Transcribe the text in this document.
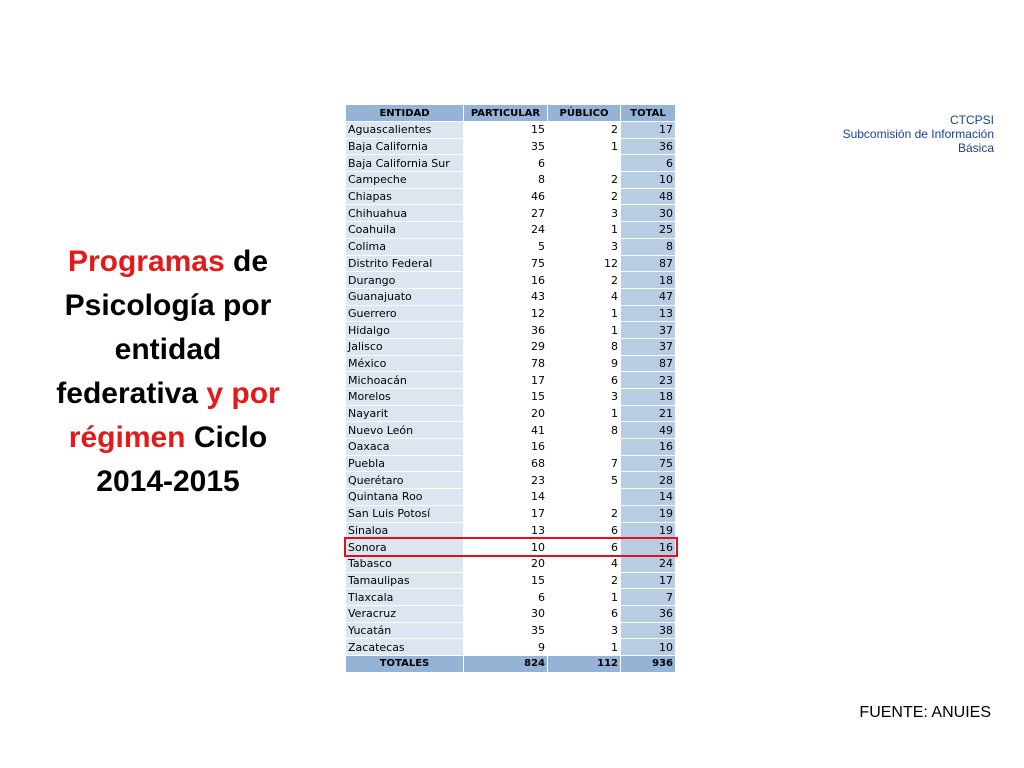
Programas de Psicología por entidad federativa y por régimen Ciclo 2014-2015
CTCPSI
Subcomisión de Información
Básica
ENTIDAD	PARTICULAR	PÚBLICO	TOTAL
Aguascalientes	15	2	17
Baja California	35	1	36
Baja California Sur	6		6
Campeche	8	2	10
Chiapas	46	2	48
Chihuahua	27	3	30
Coahuila	24	1	25
Colima	5	3	8
Distrito Federal	75	12	87
Durango	16	2	18
Guanajuato	43	4	47
Guerrero	12	1	13
Hidalgo	36	1	37
Jalisco	29	8	37
México	78	9	87
Michoacán	17	6	23
Morelos	15	3	18
Nayarit	20	1	21
Nuevo León	41	8	49
Oaxaca	16		16
Puebla	68	7	75
Querétaro	23	5	28
Quintana Roo	14		14
San Luis Potosí	17	2	19
Sinaloa	13	6	19
Sonora	10	6	16
Tabasco	20	4	24
Tamaulipas	15	2	17
Tlaxcala	6	1	7
Veracruz	30	6	36
Yucatán	35	3	38
Zacatecas	9	1	10
TOTALES	824	112	936
FUENTE: ANUIES
